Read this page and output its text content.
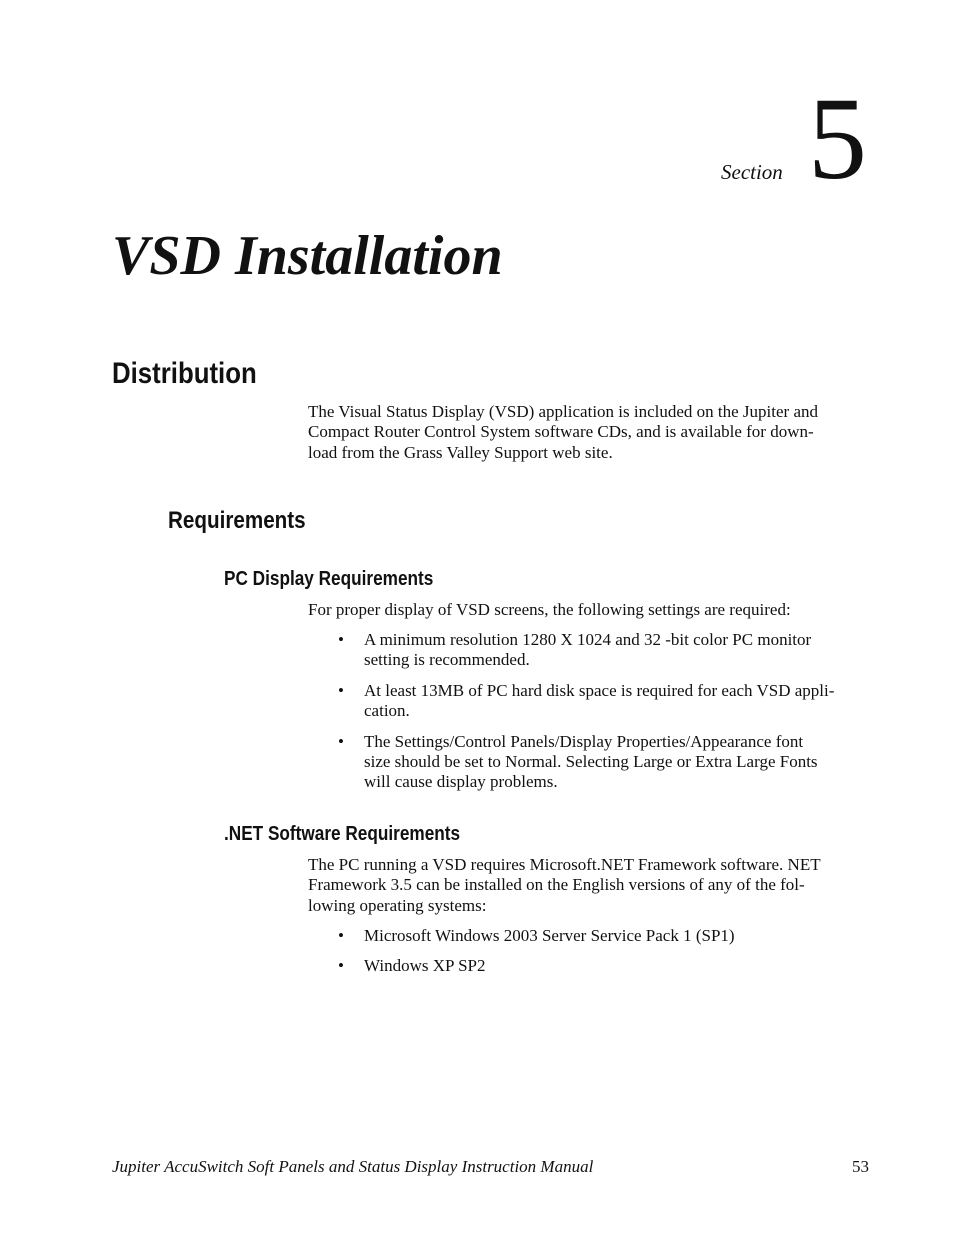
Section 5
VSD Installation
Distribution
The Visual Status Display (VSD) application is included on the Jupiter and
Compact Router Control System software CDs, and is available for down-
load from the Grass Valley Support web site.
Requirements
PC Display Requirements
For proper display of VSD screens, the following settings are required:
• A minimum resolution 1280 X 1024 and 32 -bit color PC monitor
setting is recommended.
• At least 13MB of PC hard disk space is required for each VSD appli-
cation.
• The Settings/Control Panels/Display Properties/Appearance font
size should be set to Normal. Selecting Large or Extra Large Fonts
will cause display problems.
.NET Software Requirements
The PC running a VSD requires Microsoft.NET Framework software. NET
Framework 3.5 can be installed on the English versions of any of the fol-
lowing operating systems:
• Microsoft Windows 2003 Server Service Pack 1 (SP1)
• Windows XP SP2
Jupiter AccuSwitch Soft Panels and Status Display Instruction Manual	53
